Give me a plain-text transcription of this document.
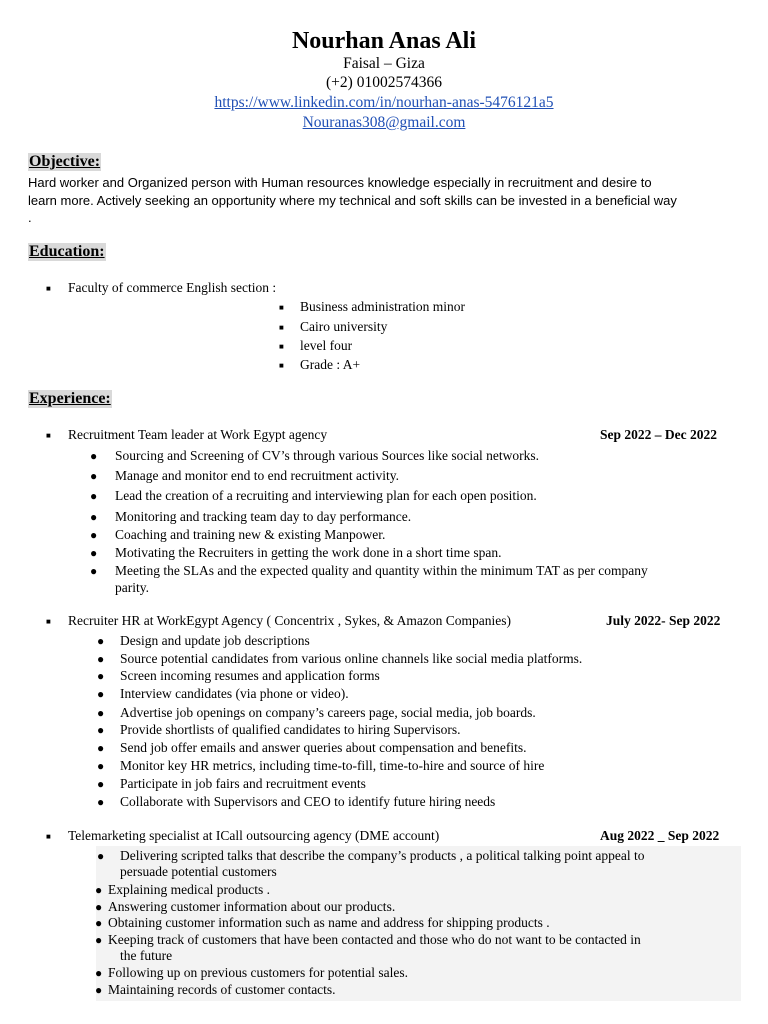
Nourhan Anas Ali
Faisal – Giza
(+2) 01002574366
https://www.linkedin.com/in/nourhan-anas-5476121a5
Nouranas308@gmail.com
Objective:
Hard worker and Organized person with Human resources knowledge especially in recruitment and desire to
learn more. Actively seeking an opportunity where my technical and soft skills can be invested in a beneficial way
.
Education:
■ Faculty of commerce English section :
■ Business administration minor
■ Cairo university
■ level four
■ Grade : A+
Experience:
■ Recruitment Team leader at Work Egypt agency	Sep 2022 – Dec 2022
● Sourcing and Screening of CV’s through various Sources like social networks.
● Manage and monitor end to end recruitment activity.
● Lead the creation of a recruiting and interviewing plan for each open position.
● Monitoring and tracking team day to day performance.
● Coaching and training new & existing Manpower.
● Motivating the Recruiters in getting the work done in a short time span.
● Meeting the SLAs and the expected quality and quantity within the minimum TAT as per company
parity.
■ Recruiter HR at WorkEgypt Agency ( Concentrix , Sykes, & Amazon Companies)	July 2022- Sep 2022
● Design and update job descriptions
● Source potential candidates from various online channels like social media platforms.
● Screen incoming resumes and application forms
● Interview candidates (via phone or video).
● Advertise job openings on company’s careers page, social media, job boards.
● Provide shortlists of qualified candidates to hiring Supervisors.
● Send job offer emails and answer queries about compensation and benefits.
● Monitor key HR metrics, including time-to-fill, time-to-hire and source of hire
● Participate in job fairs and recruitment events
● Collaborate with Supervisors and CEO to identify future hiring needs
■ Telemarketing specialist at ICall outsourcing agency (DME account)	Aug 2022 _ Sep 2022
● Delivering scripted talks that describe the company’s products , a political talking point appeal to
persuade potential customers
● Explaining medical products .
● Answering customer information about our products.
● Obtaining customer information such as name and address for shipping products .
● Keeping track of customers that have been contacted and those who do not want to be contacted in
the future
● Following up on previous customers for potential sales.
● Maintaining records of customer contacts.
